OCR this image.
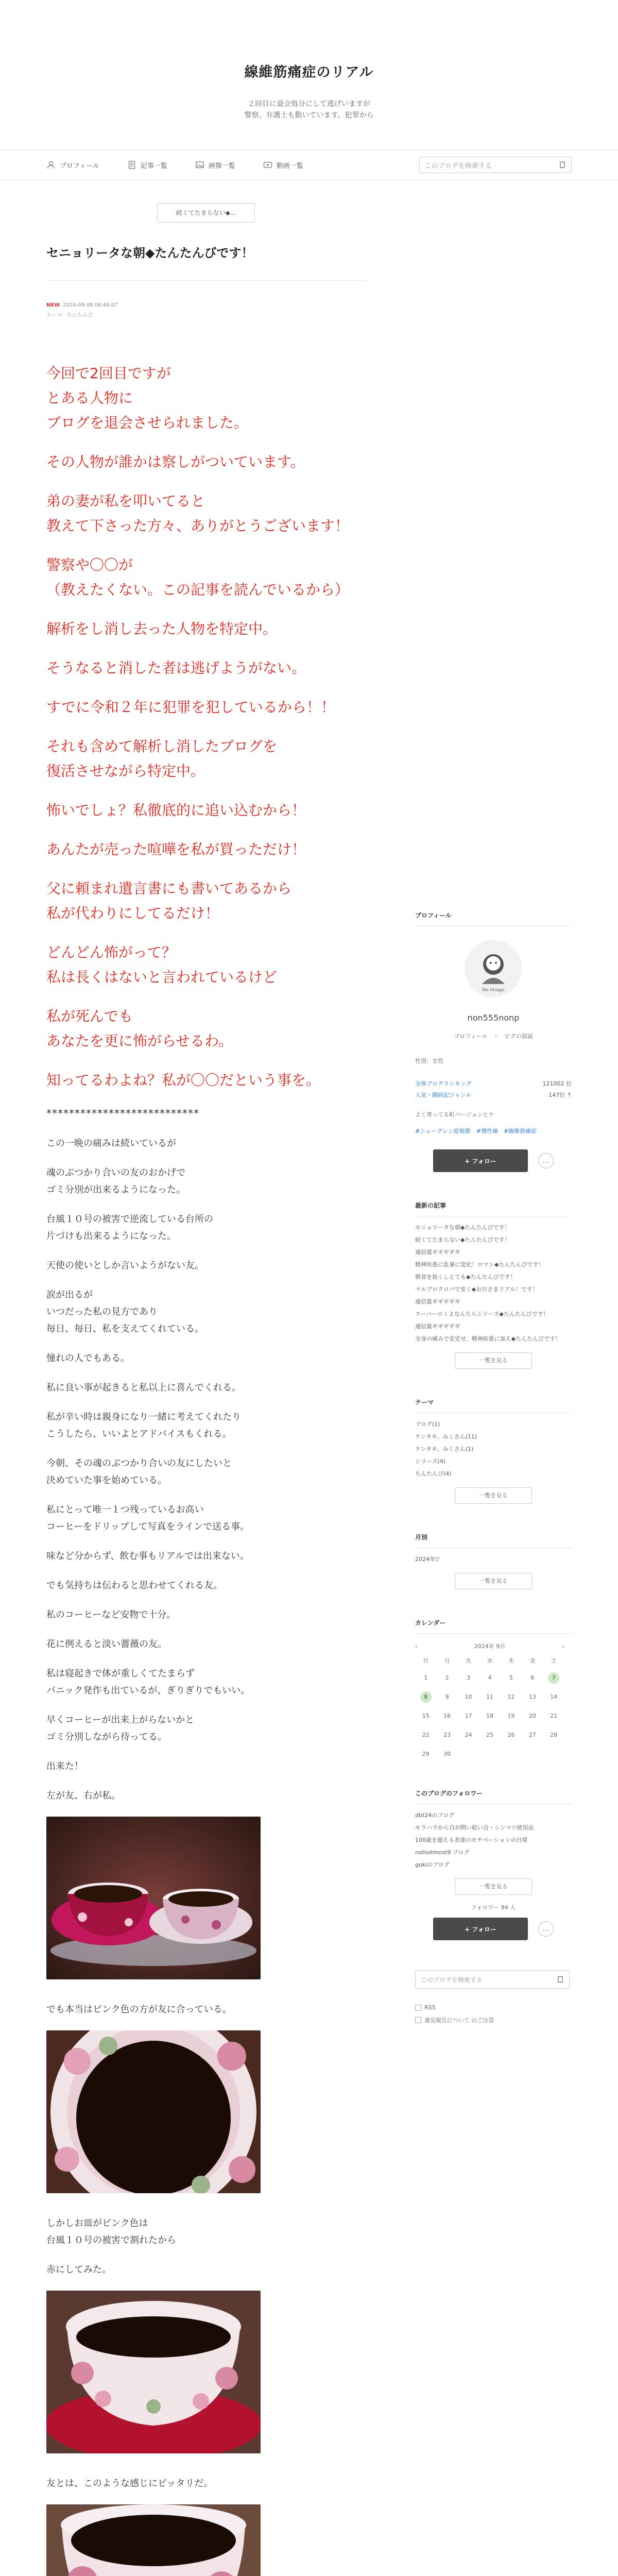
線維筋痛症のリアル
２回目に退会処分にして逃げいますが
警察、弁護士も動いています。犯罪から
プロフィール	記事一覧	画像一覧	動画一覧	このブログを検索する
続くてたまらない◆...
セニョリータな朝◆たんたんびです！
NEW 2024-09-08 08:46:07
テーマ：ちんたんぴ

今回で2回目ですが
とある人物に
ブログを退会させられました。

その人物が誰かは察しがついています。

弟の妻が私を叩いてると
教えて下さった方々、ありがとうございます！

警察や〇〇が
（教えたくない。この記事を読んでいるから）

解析をし消し去った人物を特定中。

そうなると消した者は逃げようがない。

すでに令和２年に犯罪を犯しているから！！

それも含めて解析し消したブログを
復活させながら特定中。

怖いでしょ？私徹底的に追い込むから！

あんたが売った喧嘩を私が買っただけ！

父に頼まれ遺言書にも書いてあるから
私が代わりにしてるだけ！

どんどん怖がって？
私は長くはないと言われているけど

私が死んでも
あなたを更に怖がらせるわ。

知ってるわよね？私が〇〇だという事を。

***************************

この一晩の痛みは続いているが

魂のぶつかり合いの友のおかげで
ゴミ分別が出来るようになった。

台風１０号の被害で逆流している台所の
片づけも出来るようになった。

天使の使いとしか言いようがない友。

涙が出るが
いつだった私の見方であり
毎日、毎日、私を支えてくれている。

憧れの人でもある。

私に良い事が起きると私以上に喜んでくれる。

私が辛い時は親身になり一緒に考えてくれたり
こうしたら、いいよとアドバイスもくれる。

今朝、その魂のぶつかり合いの友にしたいと
決めていた事を始めている。

私にとって唯一１つ残っているお高い
コーヒーをドリップして写真をラインで送る事。

味など分からず、飲む事もリアルでは出来ない。

でも気持ちは伝わると思わせてくれる友。

私のコーヒーなど安物で十分。

花に例えると淡い薔薇の友。

私は寝起きで体が重しくてたまらず
パニック発作も出ているが、ぎりぎりでもいい。

早くコーヒーが出来上がらないかと
ゴミ分別しながら待ってる。

出来た！

左が友、右が私。

でも本当はピンク色の方が友に合っている。

しかしお皿がピンク色は
台風１０号の被害で割れたから

赤にしてみた。

友とは、このような感じにピッタリだ。

プロフィール
No Image
non555nonp
プロフィール　・　ピグの部屋
性別：女性
全体ブログランキング	121002 位
人気・闘病記ジャンル	147位 ↑
よく寄ってる町バージョンとケ
#シェーグレン症候群　#慢性痛　#線維筋痛症
+ フォロー	…
最新の記事
セニョリータな朝◆たんたんびです！
続くてたまらない◆たんたんびです！
通信量ギギギギギ
精神疾患に乱暴に変化！ロマン◆たんたんびです！
朝食を抜くしとても◆たんたんびです！
マルプロクロバで安く◆お日さまリアル！です！
通信量ギギギギギ
スーパーロミよなんたらシリーズ◆たんたんびです！
通信量ギギギギギ
全身の痛みで安定せ、精神疾患に加え◆たんたんびです！
一覧を見る
テーマ
ブログ(1)
ケンタキ、みくさん(11)
ケンタキ、みくさん(1)
シリーズ(4)
ちんたんぴ(4)
一覧を見る
月別
2024年▽
一覧を見る
カレンダー
‹	2024年 9月	›
日	月	火	水	木	金	土
1	2	3	4	5	6	7
8	9	10	11	12	13	14
15	16	17	18	19	20	21
22	23	24	25	26	27	28
29	30
このブログのフォロワー
dbt24のブログ
モラハラから自が問い乾い合・シンマツ使用法
100歳を超える者達のモチベーションの日常
nohiotmost9 ブログ
gokiのブログ
一覧を見る
フォロワー 94 人
+ フォロー	…
このブログを検索する
RSS
違反報告について のご注意
